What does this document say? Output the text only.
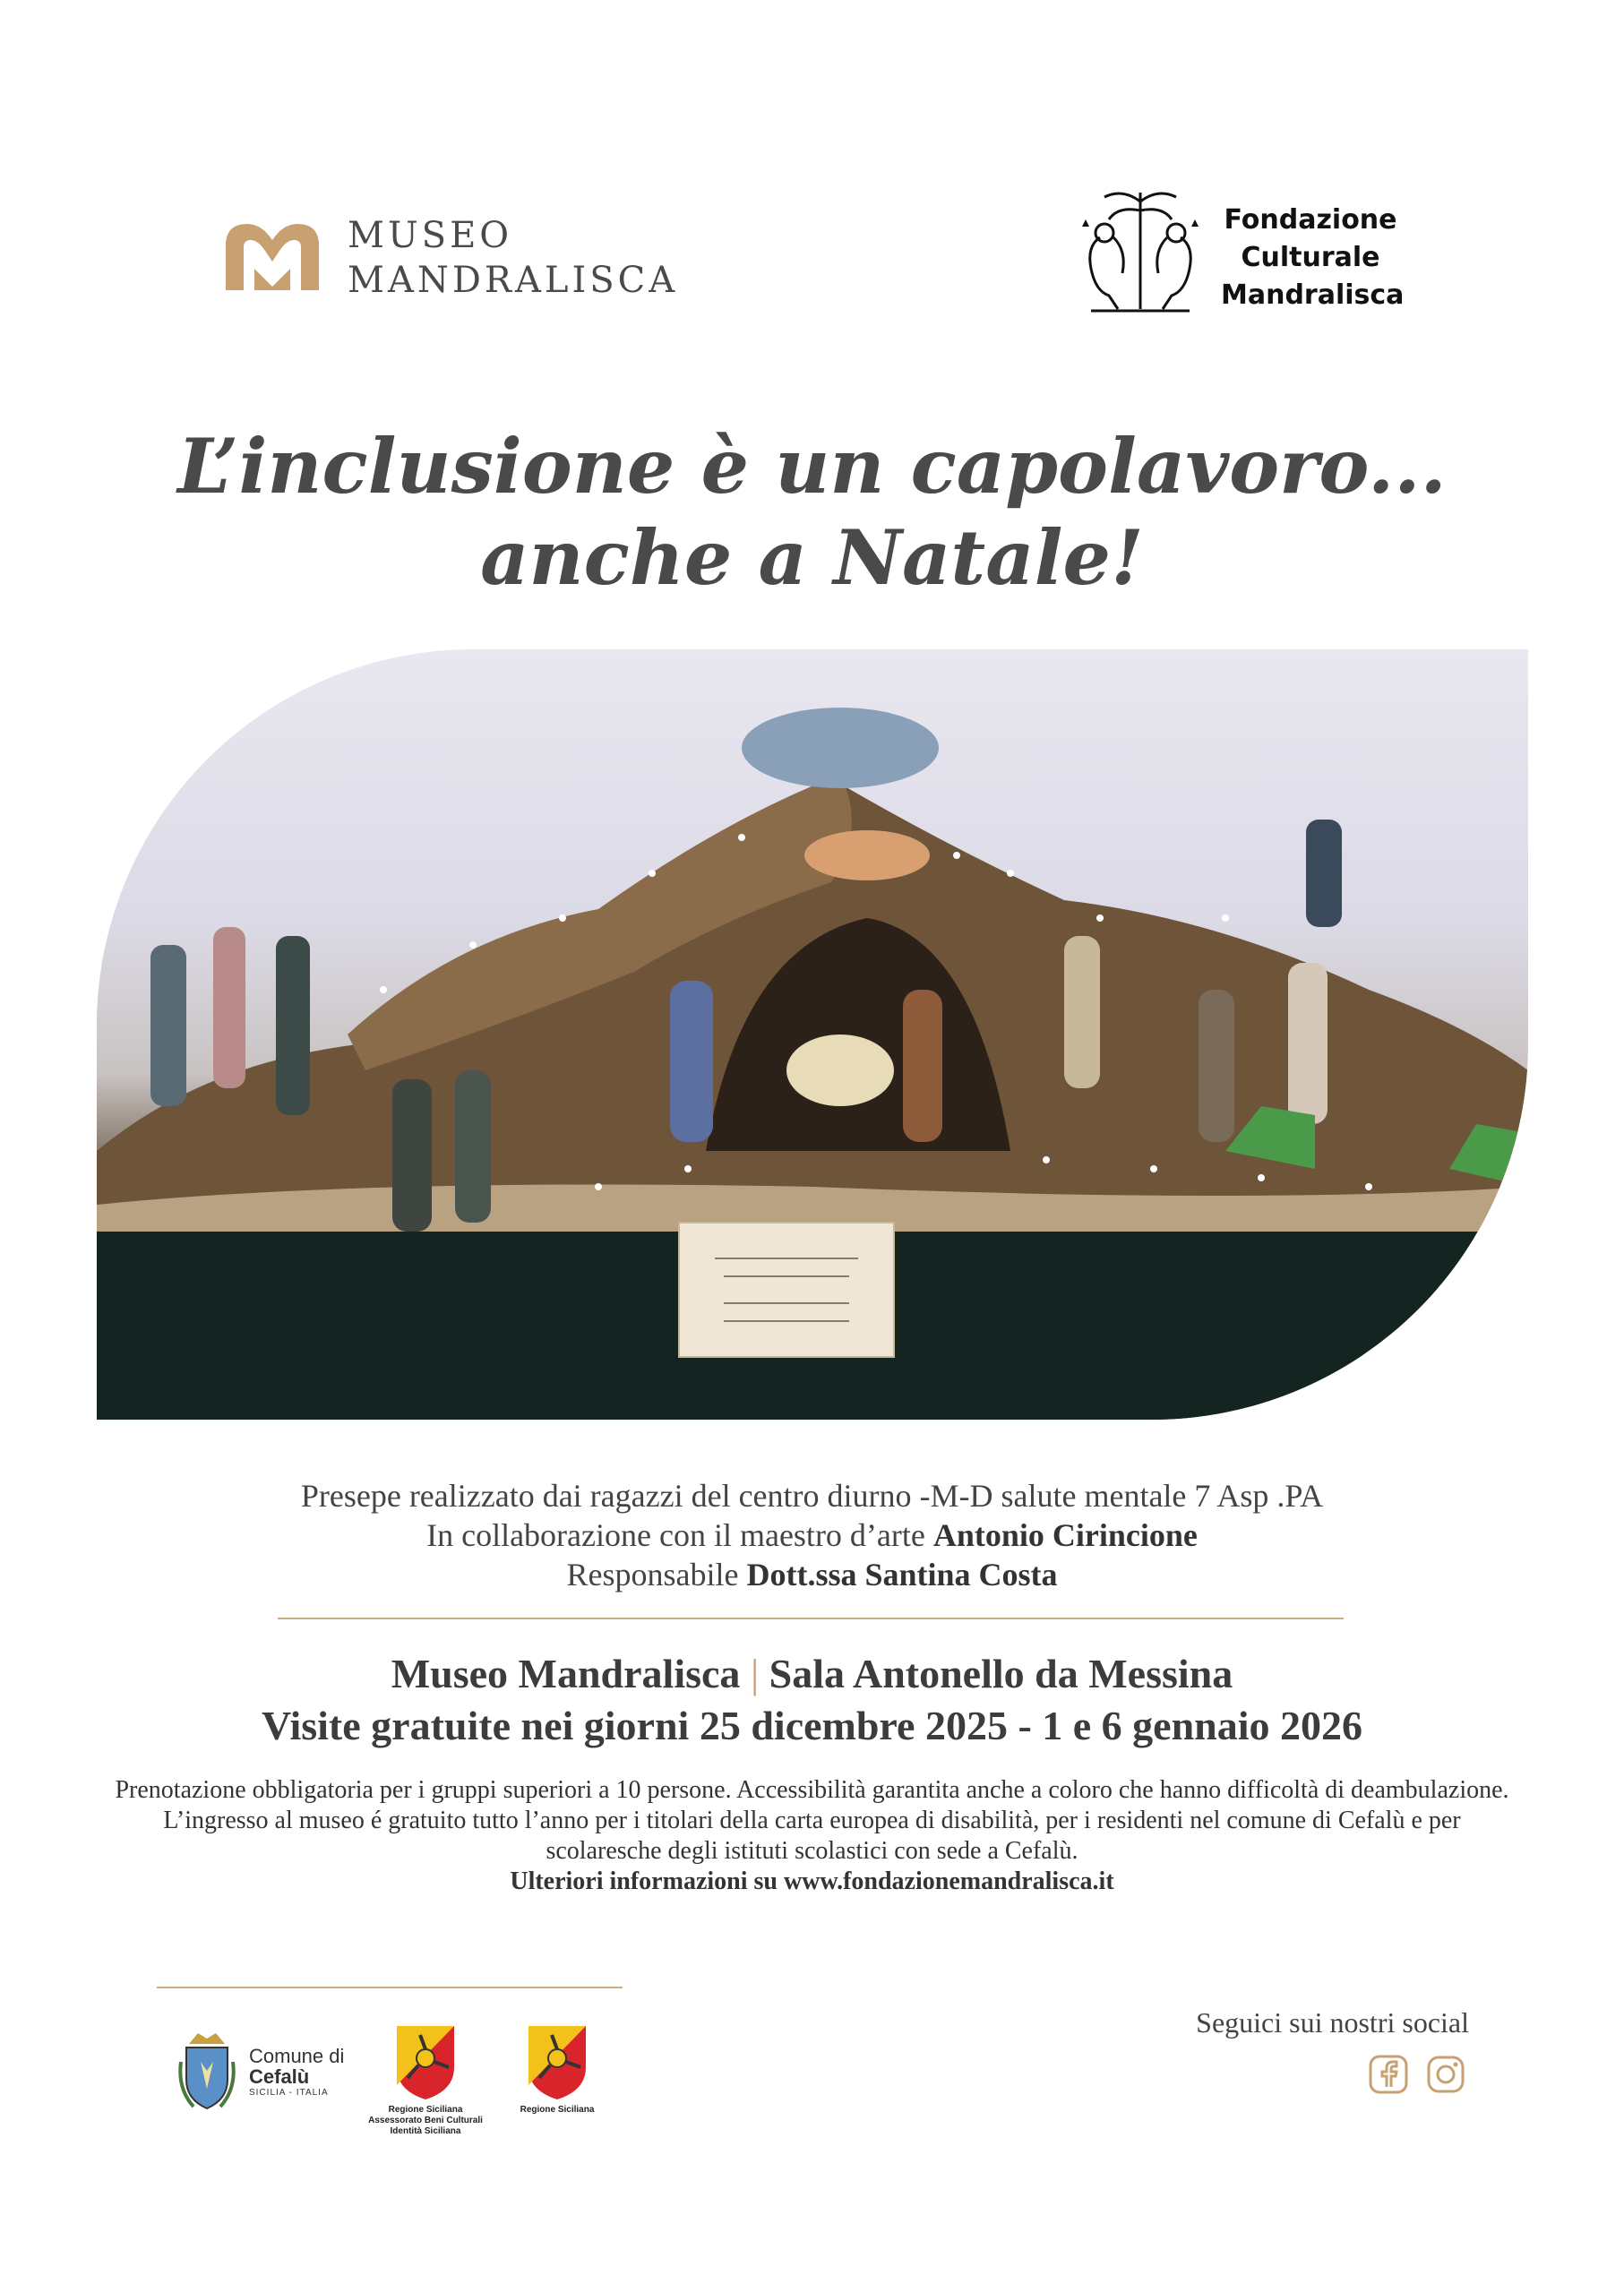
MUSEO
MANDRALISCA
Fondazione
Culturale
Mandralisca
L’inclusione è un capolavoro...
anche a Natale!
Presepe realizzato dai ragazzi del centro diurno -M-D salute mentale 7 Asp .PA
In collaborazione con il maestro d’arte Antonio Cirincione
Responsabile Dott.ssa Santina Costa
Museo Mandralisca | Sala Antonello da Messina
Visite gratuite nei giorni 25 dicembre 2025 - 1 e 6 gennaio 2026
Prenotazione obbligatoria per i gruppi superiori a 10 persone. Accessibilità garantita anche a coloro che hanno difficoltà di deambulazione. L’ingresso al museo é gratuito tutto l’anno per i titolari della carta europea di disabilità, per i residenti nel comune di Cefalù e per scolaresche degli istituti scolastici con sede a Cefalù.
Ulteriori informazioni su www.fondazionemandralisca.it
Comune di
Cefalù
SICILIA - ITALIA
Regione Siciliana
Assessorato Beni Culturali
Identità Siciliana
Regione Siciliana
Seguici sui nostri social
